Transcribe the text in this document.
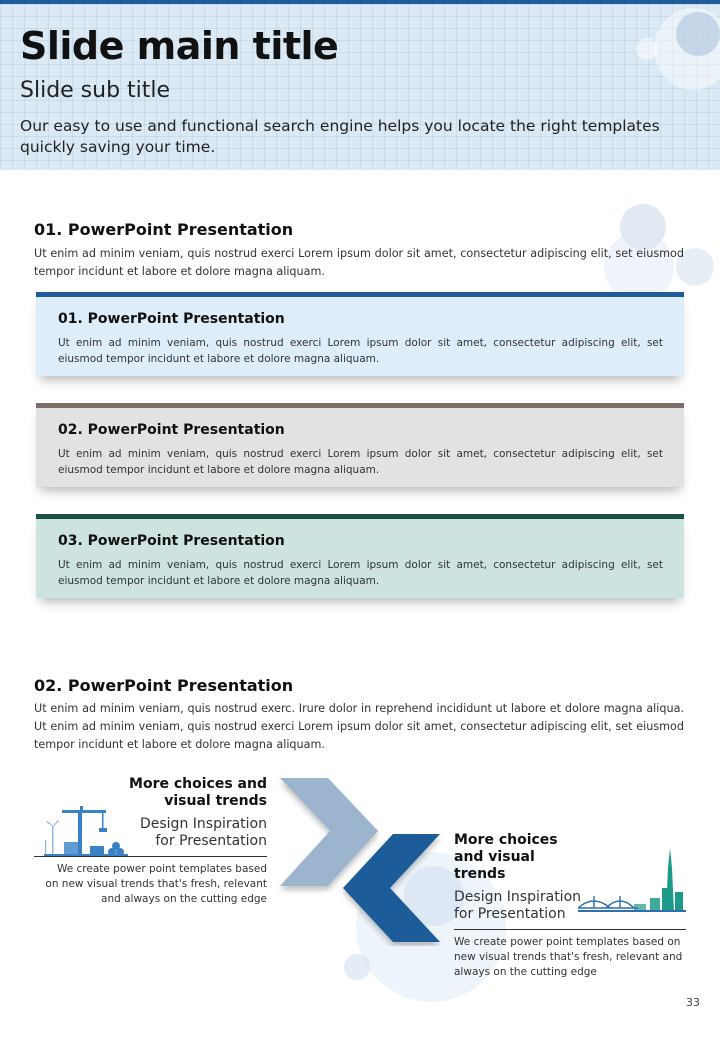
Slide main title
Slide sub title
Our easy to use and functional search engine helps you locate the right templates quickly saving your time.
01. PowerPoint Presentation
Ut enim ad minim veniam, quis nostrud exerci Lorem ipsum dolor sit amet, consectetur adipiscing elit, set eiusmod tempor incidunt et labore et dolore magna aliquam.
01. PowerPoint Presentation
Ut enim ad minim veniam, quis nostrud exerci Lorem ipsum dolor sit amet, consectetur adipiscing elit, set eiusmod tempor incidunt et labore et dolore magna aliquam.
02. PowerPoint Presentation
Ut enim ad minim veniam, quis nostrud exerci Lorem ipsum dolor sit amet, consectetur adipiscing elit, set eiusmod tempor incidunt et labore et dolore magna aliquam.
03. PowerPoint Presentation
Ut enim ad minim veniam, quis nostrud exerci Lorem ipsum dolor sit amet, consectetur adipiscing elit, set eiusmod tempor incidunt et labore et dolore magna aliquam.
02. PowerPoint Presentation
Ut enim ad minim veniam, quis nostrud exerc. Irure dolor in reprehend incididunt ut labore et dolore magna aliqua. Ut enim ad minim veniam, quis nostrud exerci Lorem ipsum dolor sit amet, consectetur adipiscing elit, set eiusmod tempor incidunt et labore et dolore magna aliquam.
More choices and visual trends
Design Inspiration for Presentation
We create power point templates based on new visual trends that's fresh, relevant and always on the cutting edge
More choices and visual trends
Design Inspiration for Presentation
We create power point templates based on new visual trends that's fresh, relevant and always on the cutting edge
33
